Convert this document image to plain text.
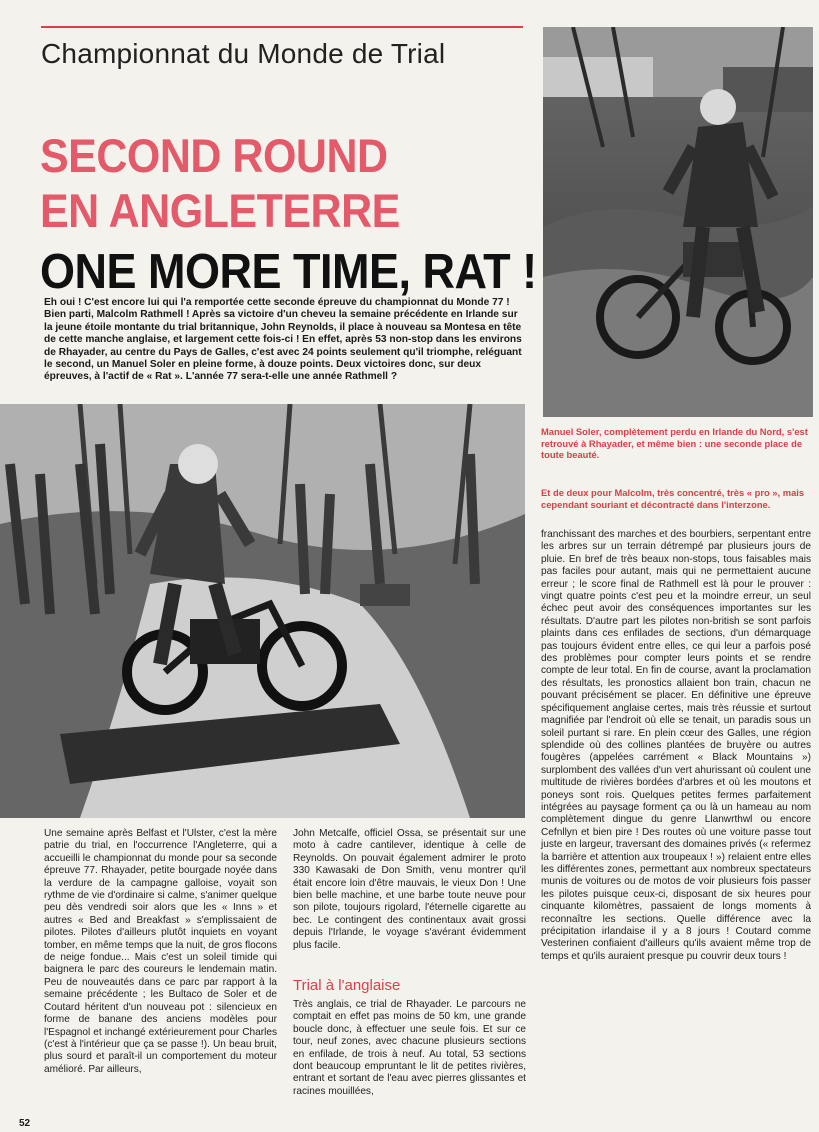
Championnat du Monde de Trial
SECOND ROUND
EN ANGLETERRE
ONE MORE TIME, RAT !
Eh oui ! C'est encore lui qui l'a remportée cette seconde épreuve du championnat du Monde 77 ! Bien parti, Malcolm Rathmell ! Après sa victoire d'un cheveu la semaine précédente en Irlande sur la jeune étoile montante du trial britannique, John Reynolds, il place à nouveau sa Montesa en tête de cette manche anglaise, et largement cette fois-ci ! En effet, après 53 non-stop dans les environs de Rhayader, au centre du Pays de Galles, c'est avec 24 points seulement qu'il triomphe, reléguant le second, un Manuel Soler en pleine forme, à douze points. Deux victoires donc, sur deux épreuves, à l'actif de « Rat ». L'année 77 sera-t-elle une année Rathmell ?
Manuel Soler, complètement perdu en Irlande du Nord, s'est retrouvé à Rhayader, et même bien : une seconde place de toute beauté.
Et de deux pour Malcolm, très concentré, très « pro », mais cependant souriant et décontracté dans l'interzone.
Une semaine après Belfast et l'Ulster, c'est la mère patrie du trial, en l'occurrence l'Angleterre, qui a accueilli le championnat du monde pour sa seconde épreuve 77. Rhayader, petite bourgade noyée dans la verdure de la campagne galloise, voyait son rythme de vie d'ordinaire si calme, s'animer quelque peu dès vendredi soir alors que les « Inns » et autres « Bed and Breakfast » s'emplissaient de pilotes. Pilotes d'ailleurs plutôt inquiets en voyant tomber, en même temps que la nuit, de gros flocons de neige fondue... Mais c'est un soleil timide qui baignera le parc des coureurs le lendemain matin. Peu de nouveautés dans ce parc par rapport à la semaine précédente ; les Bultaco de Soler et de Coutard héritent d'un nouveau pot : silencieux en forme de banane des anciens modèles pour l'Espagnol et inchangé extérieurement pour Charles (c'est à l'intérieur que ça se passe !). Un beau bruit, plus sourd et paraît-il un comportement du moteur amélioré. Par ailleurs,
John Metcalfe, officiel Ossa, se présentait sur une moto à cadre cantilever, identique à celle de Reynolds. On pouvait également admirer le proto 330 Kawasaki de Don Smith, venu montrer qu'il était encore loin d'être mauvais, le vieux Don ! Une bien belle machine, et une barbe toute neuve pour son pilote, toujours rigolard, l'éternelle cigarette au bec. Le contingent des continentaux avait grossi depuis l'Irlande, le voyage s'avérant évidemment plus facile.
Trial à l'anglaise
Très anglais, ce trial de Rhayader. Le parcours ne comptait en effet pas moins de 50 km, une grande boucle donc, à effectuer une seule fois. Et sur ce tour, neuf zones, avec chacune plusieurs sections en enfilade, de trois à neuf. Au total, 53 sections dont beaucoup empruntant le lit de petites rivières, entrant et sortant de l'eau avec pierres glissantes et racines mouillées,
franchissant des marches et des bourbiers, serpentant entre les arbres sur un terrain détrempé par plusieurs jours de pluie. En bref de très beaux non-stops, tous faisables mais pas faciles pour autant, mais qui ne permettaient aucune erreur ; le score final de Rathmell est là pour le prouver : vingt quatre points c'est peu et la moindre erreur, un seul échec peut avoir des conséquences importantes sur les résultats. D'autre part les pilotes non-british se sont parfois plaints dans ces enfilades de sections, d'un démarquage pas toujours évident entre elles, ce qui leur a parfois posé des problèmes pour compter leurs points et se rendre compte de leur total. En fin de course, avant la proclamation des résultats, les pronostics allaient bon train, chacun ne pouvant précisément se placer. En définitive une épreuve spécifiquement anglaise certes, mais très réussie et surtout magnifiée par l'endroit où elle se tenait, un paradis sous un soleil purtant si rare. En plein cœur des Galles, une région splendide où des collines plantées de bruyère ou autres fougères (appelées carrément « Black Mountains ») surplombent des vallées d'un vert ahurissant où coulent une multitude de rivières bordées d'arbres et où les moutons et poneys sont rois. Quelques petites fermes parfaitement intégrées au paysage forment ça ou là un hameau au nom complètement dingue du genre Llanwrthwl ou encore Cefnllyn et bien pire ! Des routes où une voiture passe tout juste en largeur, traversant des domaines privés (« refermez la barrière et attention aux troupeaux ! ») relaient entre elles les différentes zones, permettant aux nombreux spectateurs munis de voitures ou de motos de voir plusieurs fois passer les pilotes puisque ceux-ci, disposant de six heures pour cinquante kilomètres, passaient de longs moments à reconnaître les sections. Quelle différence avec la précipitation irlandaise il y a 8 jours ! Coutard comme Vesterinen confiaient d'ailleurs qu'ils avaient même trop de temps et qu'ils auraient presque pu couvrir deux tours !
52
